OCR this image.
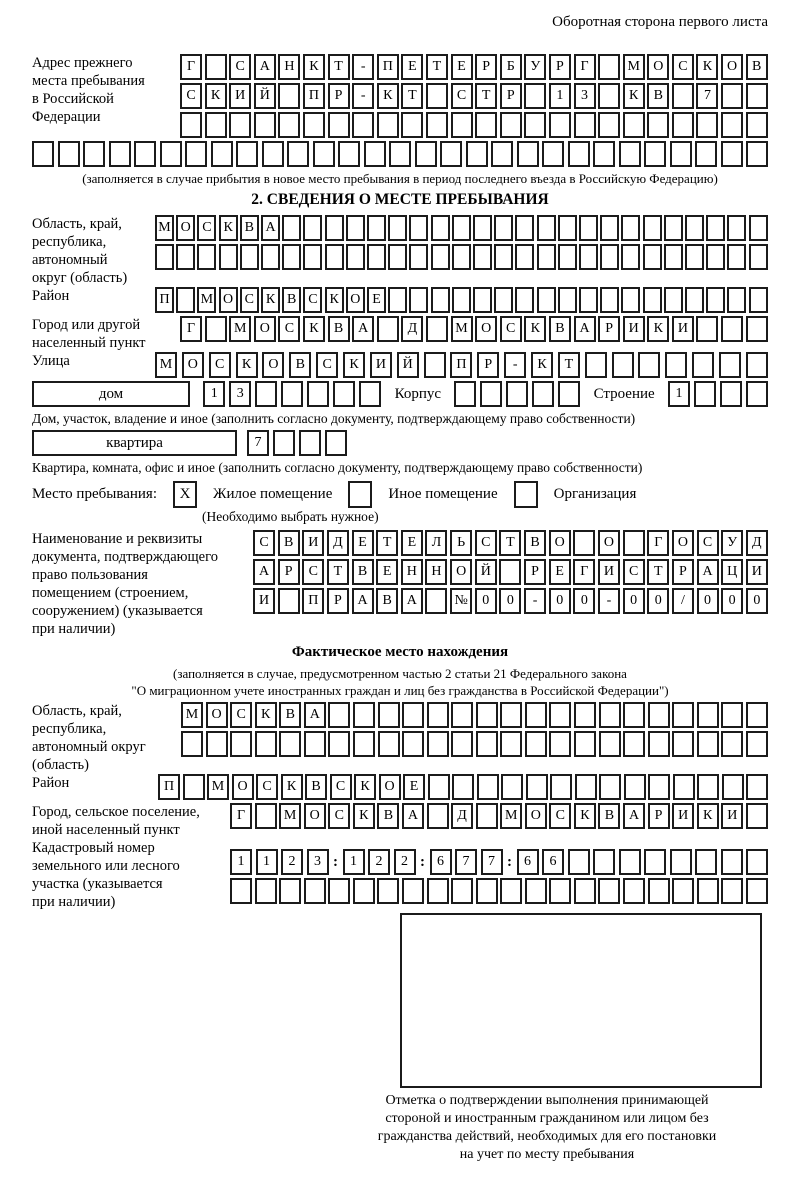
Оборотная сторона первого листа
Адрес прежнего
места пребывания
в Российской
Федерации
Г	С	А	Н	К	Т	-	П	Е	Т	Е	Р	Б	У	Р	Г	М О	С	К	О	В
С	К	И	Й	П	Р	-	К	Т	С	Т	Р	1	3	К	В	7
(заполняется в случае прибытия в новое место пребывания в период последнего въезда в Российскую Федерацию)
2. СВЕДЕНИЯ О МЕСТЕ ПРЕБЫВАНИЯ
Область, край,
республика,
автономный
округ (область)
М О С К В А
Район	П	М О С К В С К О Е
Город или другой
населенный пункт
Г	М О	С	К	В	А	Д	М О	С	К	В	А	Р	И	К	И
Улица	М	О	С	К	О	В	С	К	И	Й	П	Р	-	К	Т
дом	1	3	Корпус	Строение	1
Дом, участок, владение и иное (заполнить согласно документу, подтверждающему право собственности)
квартира	7
Квартира, комната, офис и иное (заполнить согласно документу, подтверждающему право собственности)
Место пребывания:	X	Жилое помещение	Иное помещение	Организация
(Необходимо выбрать нужное)
Наименование и реквизиты
документа, подтверждающего
право пользования
помещением (строением,
сооружением) (указывается
при наличии)
С	В	И	Д	Е	Т	Е	Л	Ь	С	Т	В	О	О	Г	О	С	У	Д
А	Р	С	Т	В	Е	Н	Н	О	Й	Р	Е	Г	И	С	Т	Р	А	Ц	И
И	П	Р	А	В	А	№	0	0	-	0	0	-	0	0	/	0	0	0
Фактическое место нахождения
(заполняется в случае, предусмотренном частью 2 статьи 21 Федерального закона
"О миграционном учете иностранных граждан и лиц без гражданства в Российской Федерации")
Область, край,
республика,
автономный округ
(область)
М О	С	К	В	А
Район	П	М О	С	К	В	С	К	О	Е
Город, сельское поселение,
иной населенный пункт
Г	М О	С	К	В	А	Д	М О	С	К	В	А	Р	И	К	И
Кадастровый номер
земельного или лесного
участка (указывается
при наличии)
1	1	2	3 : 1	2	2 : 6	7	7 : 6	6
Отметка о подтверждении выполнения принимающей
стороной и иностранным гражданином или лицом без
гражданства действий, необходимых для его постановки
на учет по месту пребывания
